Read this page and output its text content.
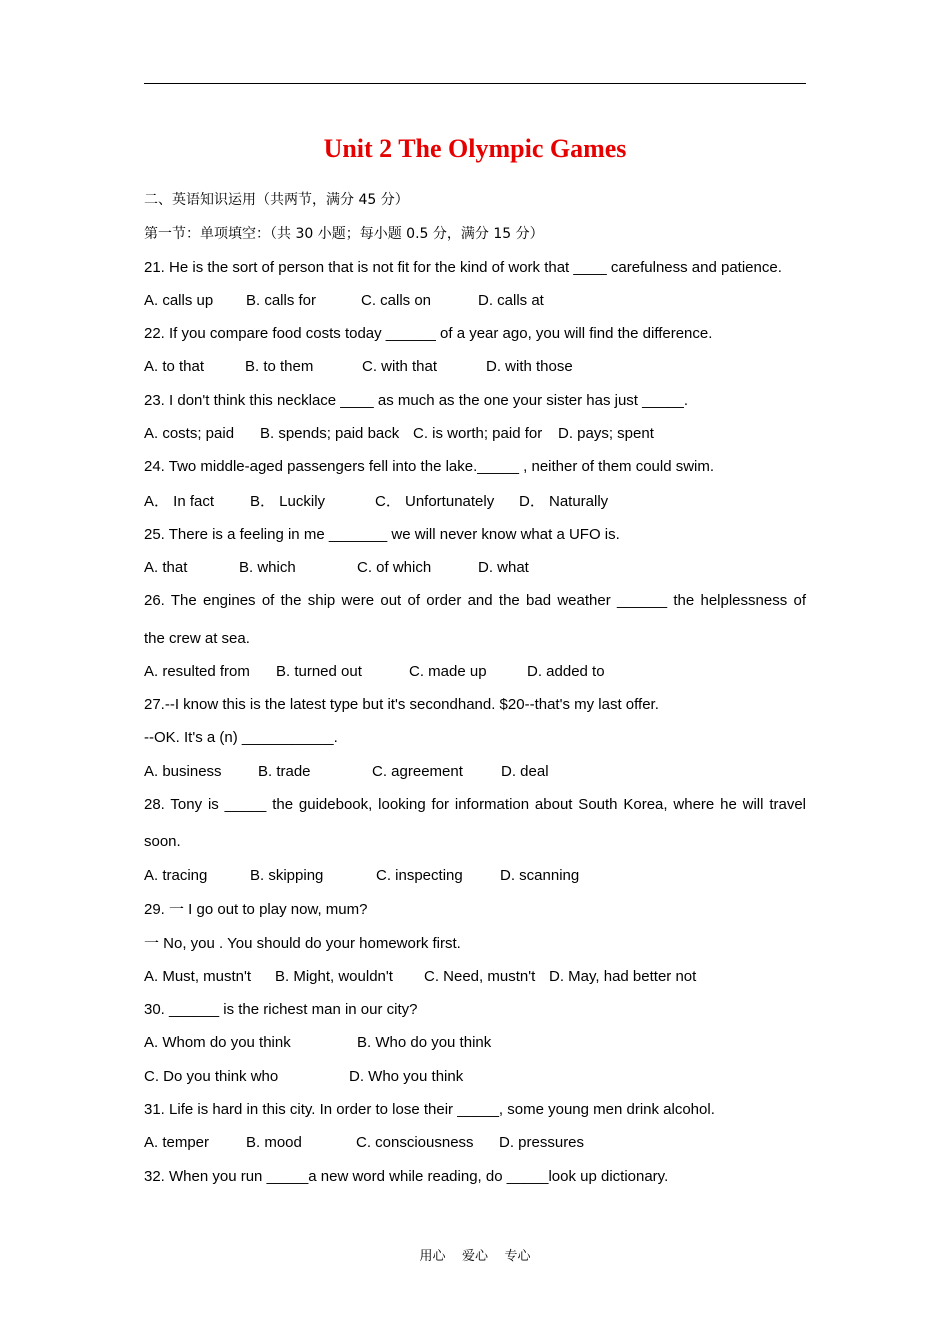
Unit 2 The Olympic Games
二、英语知识运用（共两节，满分 45 分）
第一节：单项填空：（共 30 小题；每小题 0.5 分，满分 15 分）
21. He is the sort of person that is not fit for the kind of work that ____ carefulness and patience.

A. calls up

B. calls for

	C. calls on

	D. calls at

22. If you compare food costs today ______ of a year ago, you will find the difference.

A. to that

	B. to them

	C. with that

	D. with those

23. I don't think this necklace ____ as much as the one your sister has just _____.

A. costs; paid

B. spends; paid back

C. is worth; paid for

D. pays; spent

24. Two middle-aged passengers fell into the lake._____ , neither of them could swim.

A． In fact

B． Luckily

	C． Unfortunately

D． Naturally

25. There is a feeling in me _______ we will never know what a UFO is.

A. that

	B. which

	C. of which

	D. what

26. The engines of the ship were out of order and the bad weather ______ the helplessness of
the crew at sea.

A. resulted from

B. turned out

	C. made up

	D. added to

27.--I know this is the latest type but it's secondhand. $20--that's my last offer.
--OK. It's a (n) ___________.

A. business

B. trade

	C. agreement

	D. deal

28. Tony is _____ the guidebook, looking for information about South Korea, where he will travel
soon.

A. tracing

	B. skipping

	C. inspecting

D. scanning

29. 一 I go out to play now, mum?
一 No, you . You should do your homework first.

A. Must, mustn't

B. Might, wouldn't

C. Need, mustn't

D. May, had better not

30. ______ is the richest man in our city?

A. Whom do you think

	B. Who do you think

C. Do you think who

	D. Who you think

31. Life is hard in this city. In order to lose their _____, some young men drink alcohol.

A. temper

B. mood

	C. consciousness

D. pressures

32. When you run _____a new word while reading, do _____look up dictionary.
用心    爱心    专心
